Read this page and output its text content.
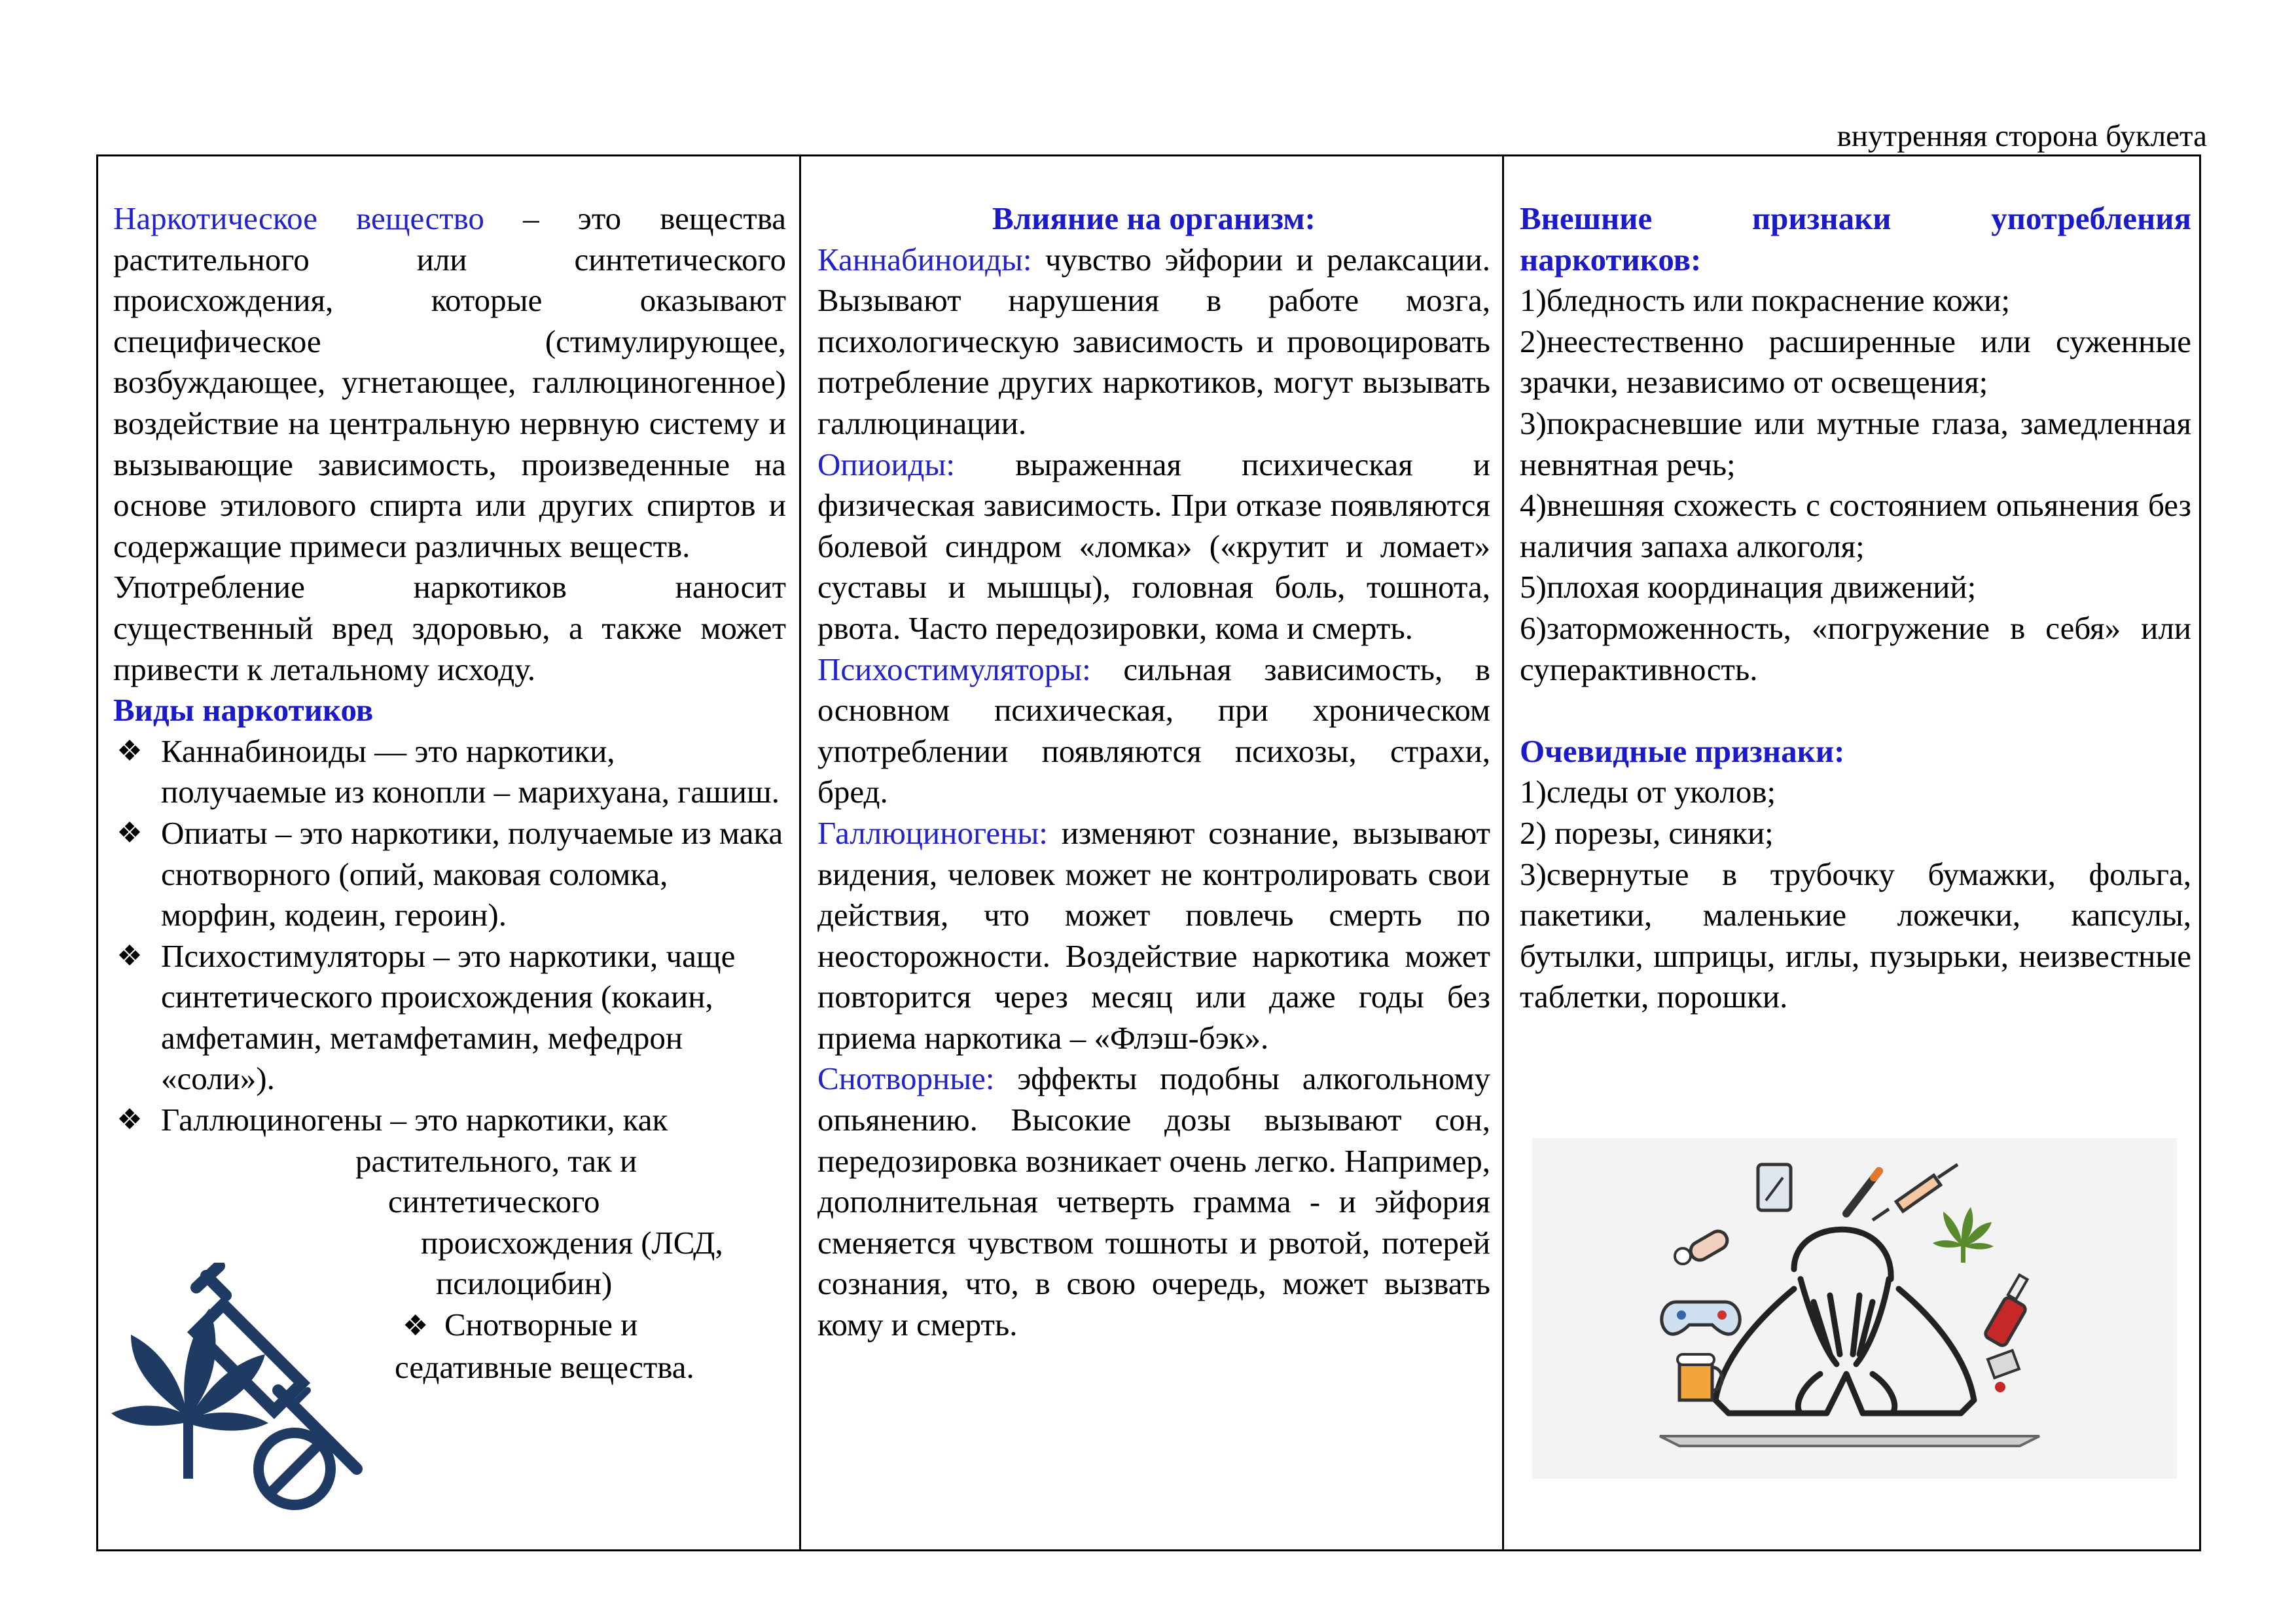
внутренняя сторона буклета

Наркотическое вещество – это вещества растительного или синтетического происхождения, которые оказывают специфическое (стимулирующее, возбуждающее, угнетающее, галлюциногенное) воздействие на центральную нервную систему и вызывающие зависимость, произведенные на основе этилового спирта или других спиртов и содержащие примеси различных веществ.

Употребление наркотиков наносит существенный вред здоровью, а также может привести к летальному исходу.

Виды наркотиков

❖ Каннабиноиды — это наркотики, получаемые из конопли – марихуана, гашиш.
❖ Опиаты – это наркотики, получаемые из мака снотворного (опий, маковая соломка, морфин, кодеин, героин).
❖ Психостимуляторы – это наркотики, чаще синтетического происхождения (кокаин, амфетамин, метамфетамин, мефедрон «соли»).
❖ Галлюциногены – это наркотики, как
растительного, так и
синтетического
происхождения (ЛСД,
псилоцибин)
❖ Снотворные и
седативные вещества.

Влияние на организм:

Каннабиноиды: чувство эйфории и релаксации. Вызывают нарушения в работе мозга, психологическую зависимость и провоцировать потребление других наркотиков, могут вызывать галлюцинации.

Опиоиды: выраженная психическая и физическая зависимость. При отказе появляются болевой синдром «ломка» («крутит и ломает» суставы и мышцы), головная боль, тошнота, рвота. Часто передозировки, кома и смерть.

Психостимуляторы: сильная зависимость, в основном психическая, при хроническом употреблении появляются психозы, страхи, бред.

Галлюциногены: изменяют сознание, вызывают видения, человек может не контролировать свои действия, что может повлечь смерть по неосторожности. Воздействие наркотика может повторится через месяц или даже годы без приема наркотика – «Флэш-бэк».

Снотворные: эффекты подобны алкогольному опьянению. Высокие дозы вызывают сон, передозировка возникает очень легко. Например, дополнительная четверть грамма - и эйфория сменяется чувством тошноты и рвотой, потерей сознания, что, в свою очередь, может вызвать кому и смерть.

Внешние признаки употребления наркотиков:

1)бледность или покраснение кожи;

2)неестественно расширенные или суженные зрачки, независимо от освещения;

3)покрасневшие или мутные глаза, замедленная невнятная речь;

4)внешняя схожесть с состоянием опьянения без наличия запаха алкоголя;

5)плохая координация движений;

6)заторможенность, «погружение в себя» или суперактивность.

Очевидные признаки:

1)следы от уколов;

2) порезы, синяки;

3)свернутые в трубочку бумажки, фольга, пакетики, маленькие ложечки, капсулы, бутылки, шприцы, иглы, пузырьки, неизвестные таблетки, порошки.
